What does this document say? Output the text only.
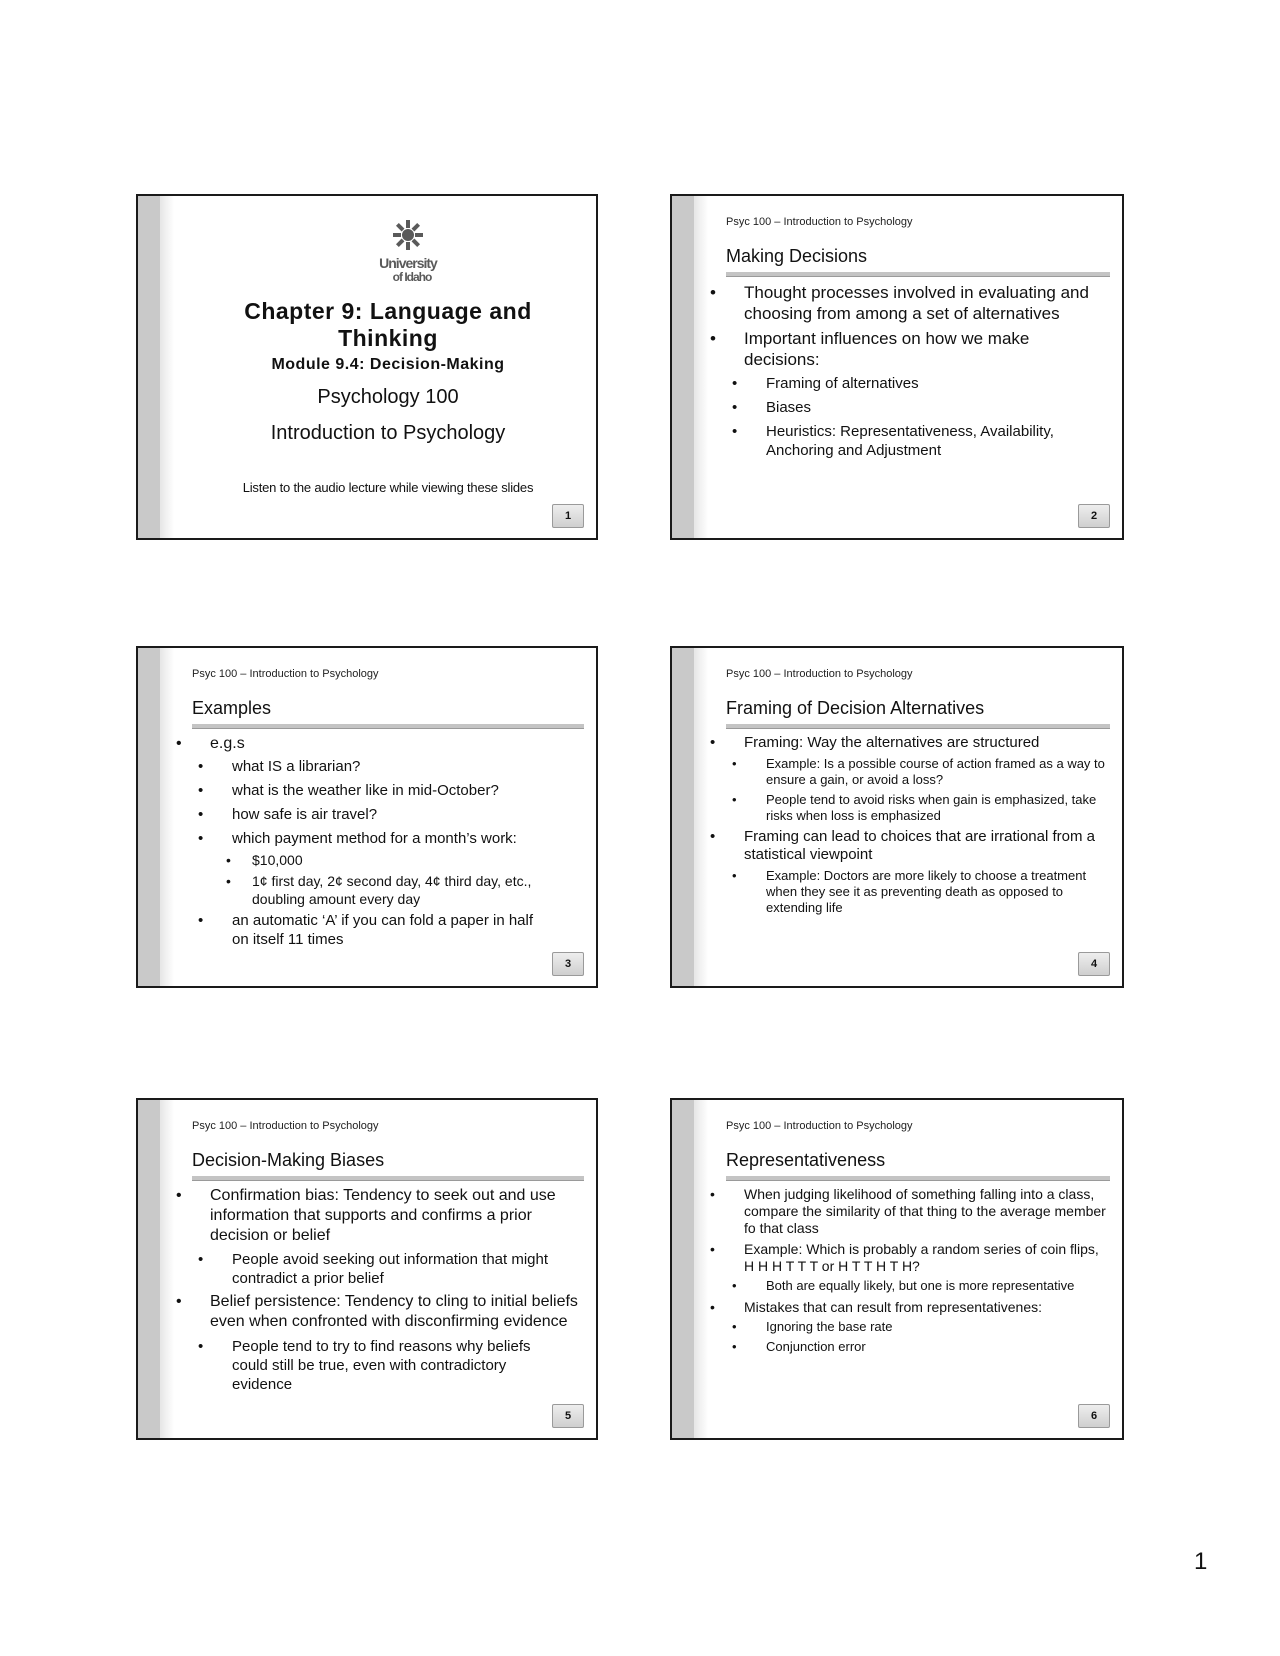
University
of Idaho
Chapter 9: Language and Thinking
Module 9.4: Decision-Making
Psychology 100
Introduction to Psychology
Listen to the audio lecture while viewing these slides
1
Psyc 100 – Introduction to Psychology
Making Decisions
• Thought processes involved in evaluating and choosing from among a set of alternatives
• Important influences on how we make decisions:
• Framing of alternatives
• Biases
• Heuristics: Representativeness, Availability, Anchoring and Adjustment
2
Psyc 100 – Introduction to Psychology
Examples
• e.g.s
• what IS a librarian?
• what is the weather like in mid-October?
• how safe is air travel?
• which payment method for a month’s work:
• $10,000
• 1¢ first day, 2¢ second day, 4¢ third day, etc., doubling amount every day
• an automatic ‘A’ if you can fold a paper in half on itself 11 times
3
Psyc 100 – Introduction to Psychology
Framing of Decision Alternatives
• Framing: Way the alternatives are structured
• Example: Is a possible course of action framed as a way to ensure a gain, or avoid a loss?
• People tend to avoid risks when gain is emphasized, take risks when loss is emphasized
• Framing can lead to choices that are irrational from a statistical viewpoint
• Example: Doctors are more likely to choose a treatment when they see it as preventing death as opposed to extending life
4
Psyc 100 – Introduction to Psychology
Decision-Making Biases
• Confirmation bias: Tendency to seek out and use information that supports and confirms a prior decision or belief
• People avoid seeking out information that might contradict a prior belief
• Belief persistence: Tendency to cling to initial beliefs even when confronted with disconfirming evidence
• People tend to try to find reasons why beliefs could still be true, even with contradictory evidence
5
Psyc 100 – Introduction to Psychology
Representativeness
• When judging likelihood of something falling into a class, compare the similarity of that thing to the average member fo that class
• Example: Which is probably a random series of coin flips, H H H T T T or H T T H T H?
• Both are equally likely, but one is more representative
• Mistakes that can result from representativenes:
• Ignoring the base rate
• Conjunction error
6
1
